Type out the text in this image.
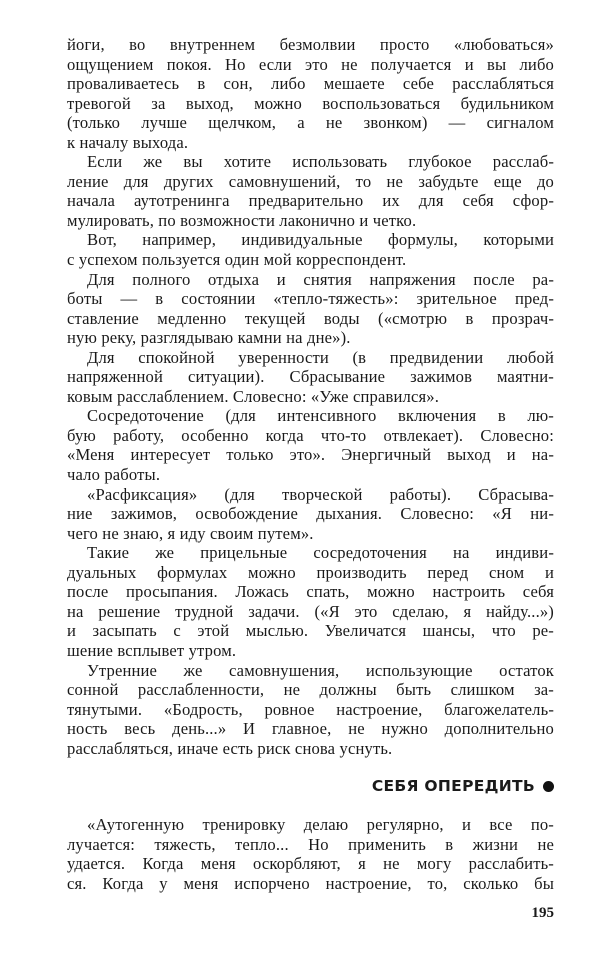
йоги, во внутреннем безмолвии просто «любоваться»
ощущением покоя. Но если это не получается и вы либо
проваливаетесь в сон, либо мешаете себе расслабляться
тревогой за выход, можно воспользоваться будильником
(только лучше щелчком, а не звонком) — сигналом
к началу выхода.
Если же вы хотите использовать глубокое расслаб-
ление для других самовнушений, то не забудьте еще до
начала аутотренинга предварительно их для себя сфор-
мулировать, по возможности лаконично и четко.
Вот, например, индивидуальные формулы, которыми
с успехом пользуется один мой корреспондент.
Для полного отдыха и снятия напряжения после ра-
боты — в состоянии «тепло-тяжесть»: зрительное пред-
ставление медленно текущей воды («смотрю в прозрач-
ную реку, разглядываю камни на дне»).
Для спокойной уверенности (в предвидении любой
напряженной ситуации). Сбрасывание зажимов маятни-
ковым расслаблением. Словесно: «Уже справился».
Сосредоточение (для интенсивного включения в лю-
бую работу, особенно когда что-то отвлекает). Словесно:
«Меня интересует только это». Энергичный выход и на-
чало работы.
«Расфиксация» (для творческой работы). Сбрасыва-
ние зажимов, освобождение дыхания. Словесно: «Я ни-
чего не знаю, я иду своим путем».
Такие же прицельные сосредоточения на индиви-
дуальных формулах можно производить перед сном и
после просыпания. Ложась спать, можно настроить себя
на решение трудной задачи. («Я это сделаю, я найду...»)
и засыпать с этой мыслью. Увеличатся шансы, что ре-
шение всплывет утром.
Утренние же самовнушения, использующие остаток
сонной расслабленности, не должны быть слишком за-
тянутыми. «Бодрость, ровное настроение, благожелатель-
ность весь день...» И главное, не нужно дополнительно
расслабляться, иначе есть риск снова уснуть.
СЕБЯ ОПЕРЕДИТЬ
«Аутогенную тренировку делаю регулярно, и все по-
лучается: тяжесть, тепло... Но применить в жизни не
удается. Когда меня оскорбляют, я не могу расслабить-
ся. Когда у меня испорчено настроение, то, сколько бы
195
